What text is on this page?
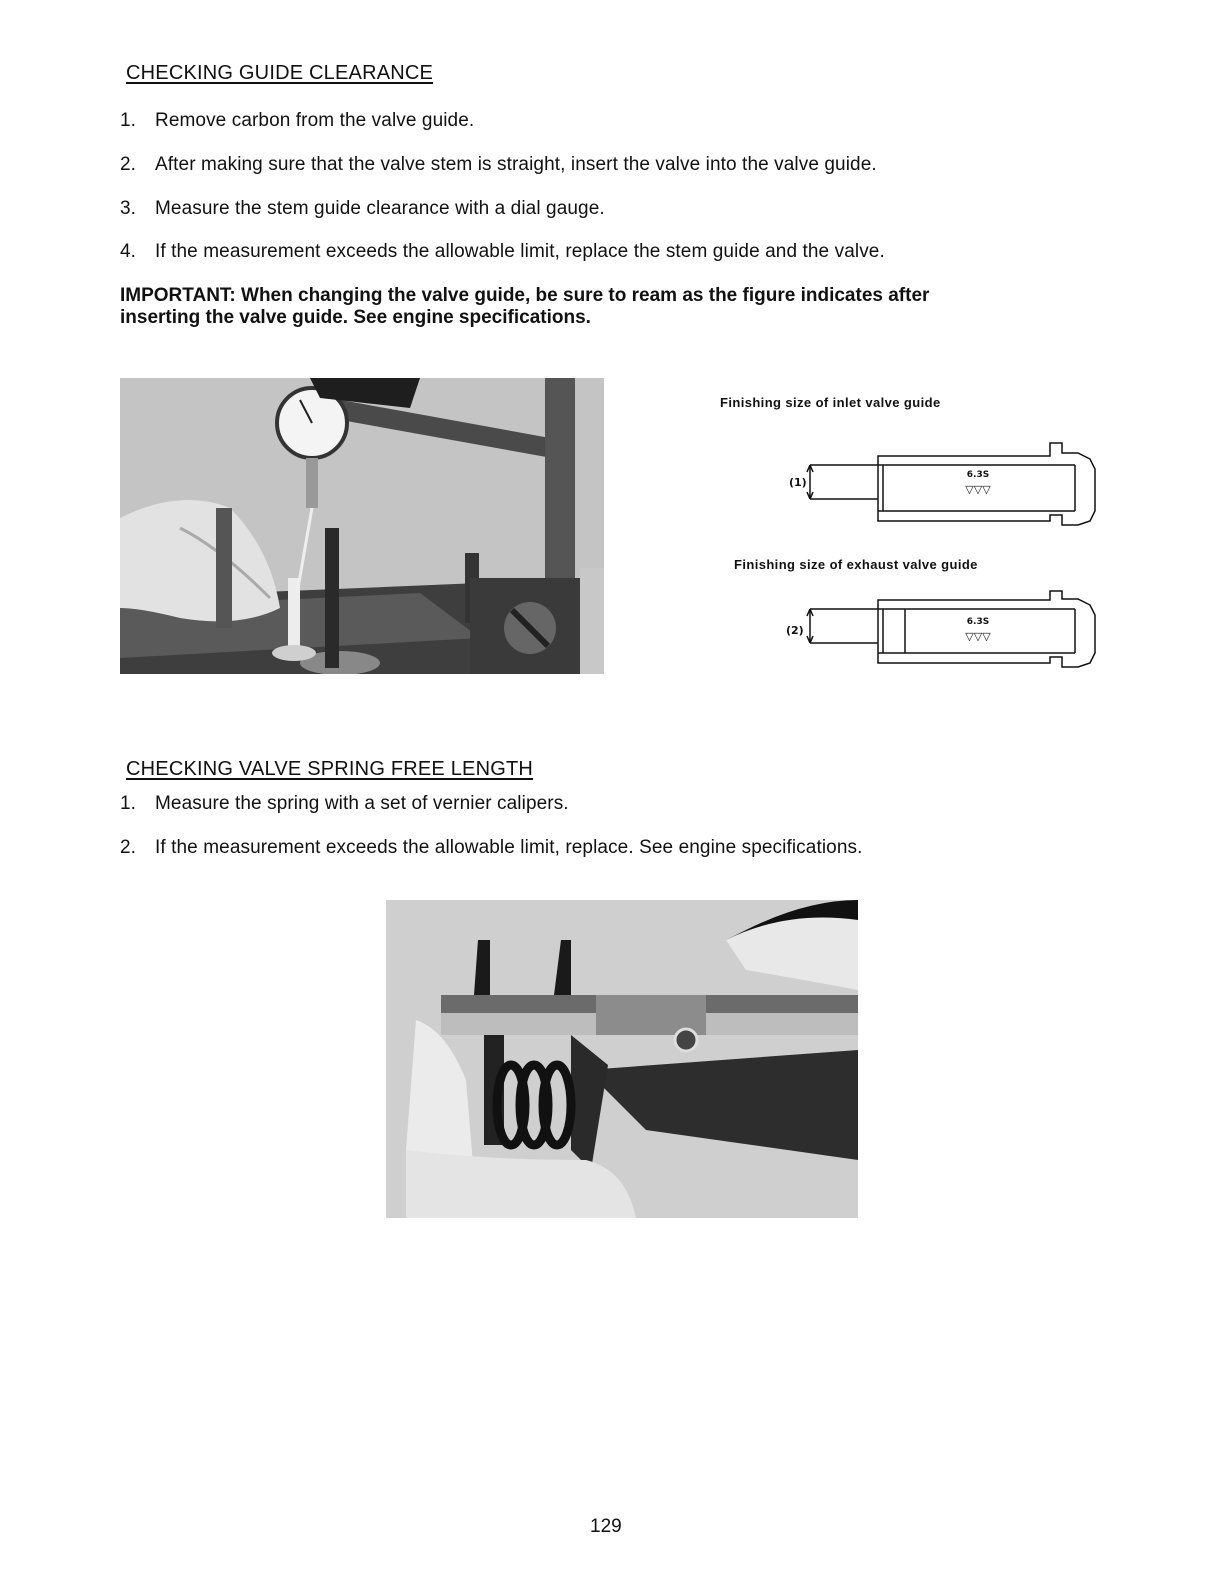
CHECKING GUIDE CLEARANCE
1. Remove carbon from the valve guide.
2. After making sure that the valve stem is straight, insert the valve into the valve guide.
3. Measure the stem guide clearance with a dial gauge.
4. If the measurement exceeds the allowable limit, replace the stem guide and the valve.
IMPORTANT: When changing the valve guide, be sure to ream as the figure indicates after inserting the valve guide. See engine specifications.
Finishing size of inlet valve guide
Finishing size of exhaust valve guide
(1)
6.3S
▽▽▽
(2)
6.3S
▽▽▽
CHECKING VALVE SPRING FREE LENGTH
1. Measure the spring with a set of vernier calipers.
2. If the measurement exceeds the allowable limit, replace. See engine specifications.
129
